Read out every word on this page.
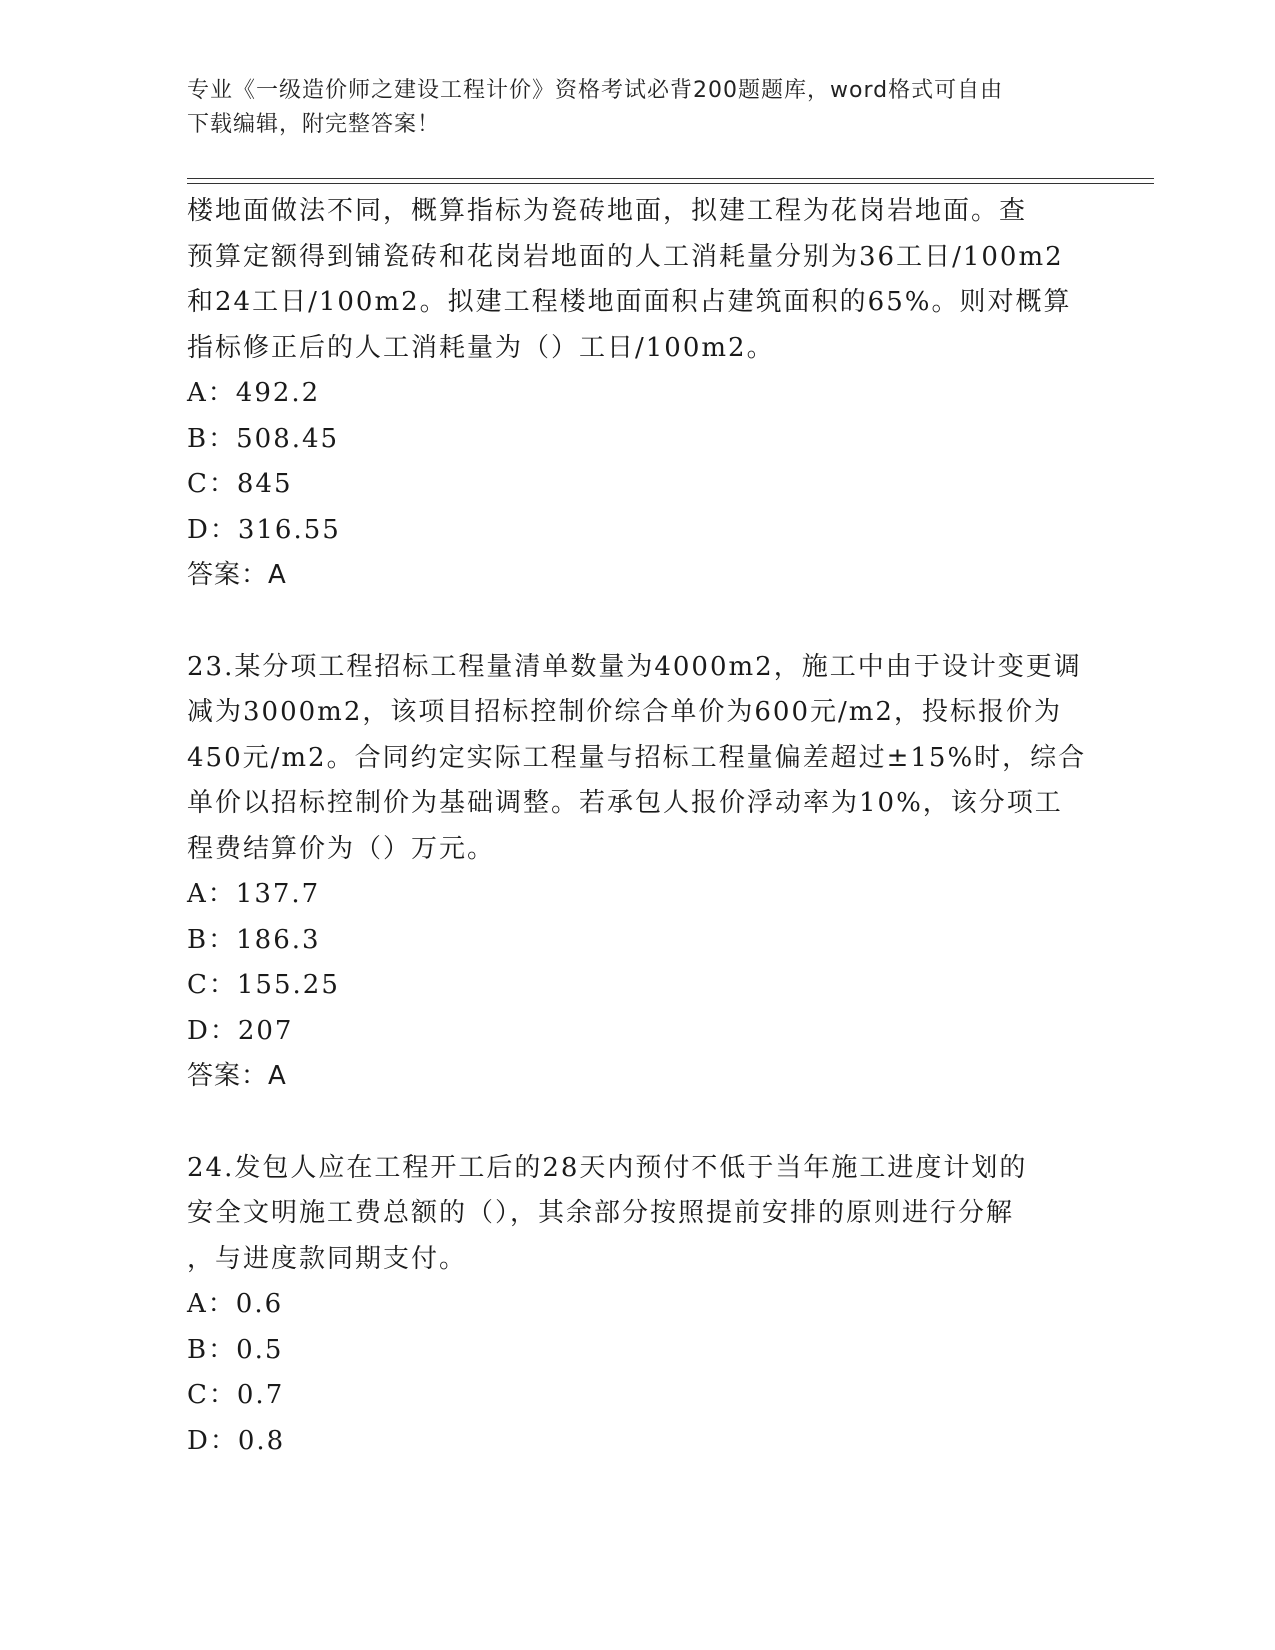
专业《一级造价师之建设工程计价》资格考试必背200题题库，word格式可自由
下载编辑，附完整答案！

楼地面做法不同，概算指标为瓷砖地面，拟建工程为花岗岩地面。查
预算定额得到铺瓷砖和花岗岩地面的人工消耗量分别为36工日/100m2
和24工日/100m2。拟建工程楼地面面积占建筑面积的65%。则对概算
指标修正后的人工消耗量为（）工日/100m2。

A：492.2

B：508.45

C：845

D：316.55

答案：A

23.某分项工程招标工程量清单数量为4000m2，施工中由于设计变更调
减为3000m2，该项目招标控制价综合单价为600元/m2，投标报价为
450元/m2。合同约定实际工程量与招标工程量偏差超过±15%时，综合
单价以招标控制价为基础调整。若承包人报价浮动率为10%，该分项工
程费结算价为（）万元。

A：137.7

B：186.3

C：155.25

D：207

答案：A

24.发包人应在工程开工后的28天内预付不低于当年施工进度计划的
安全文明施工费总额的（），其余部分按照提前安排的原则进行分解
，与进度款同期支付。

A：0.6

B：0.5

C：0.7

D：0.8
